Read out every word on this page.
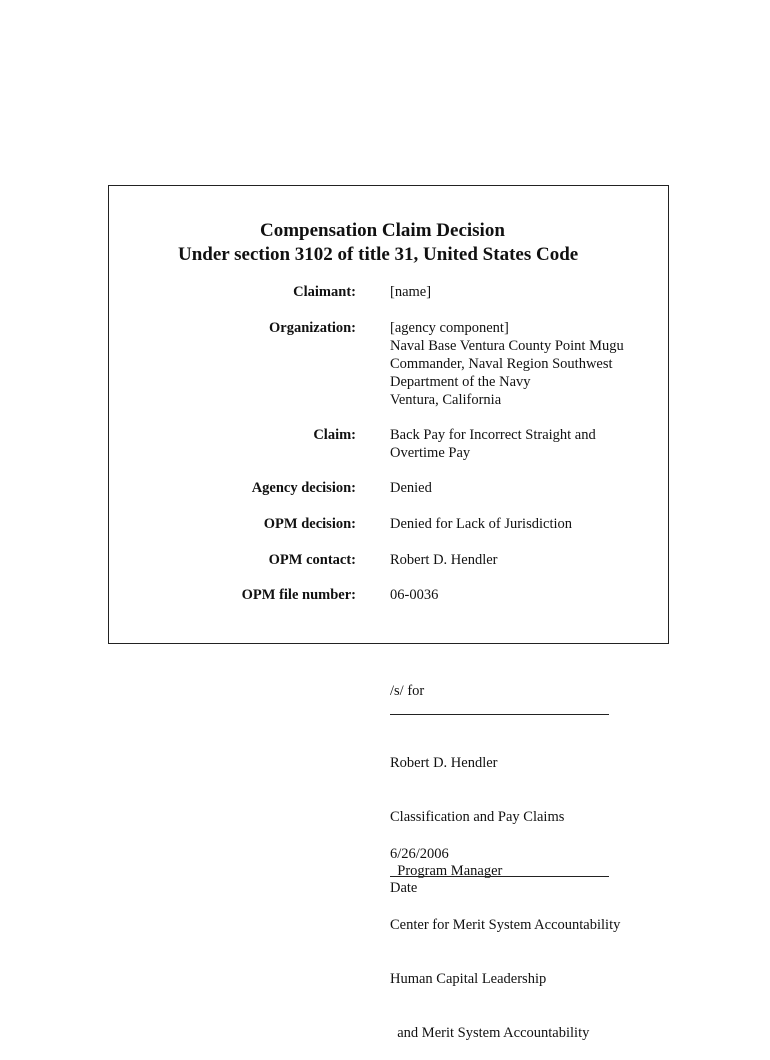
Compensation Claim Decision
Under section 3102 of title 31, United States Code
Claimant: [name]
Organization: [agency component]
Naval Base Ventura County Point Mugu
Commander, Naval Region Southwest
Department of the Navy
Ventura, California
Claim: Back Pay for Incorrect Straight and
Overtime Pay
Agency decision: Denied
OPM decision: Denied for Lack of Jurisdiction
OPM contact: Robert D. Hendler
OPM file number: 06-0036
/s/ for

Robert D. Hendler

Classification and Pay Claims

Program Manager

Center for Merit System Accountability

Human Capital Leadership

and Merit System Accountability

6/26/2006
Date
